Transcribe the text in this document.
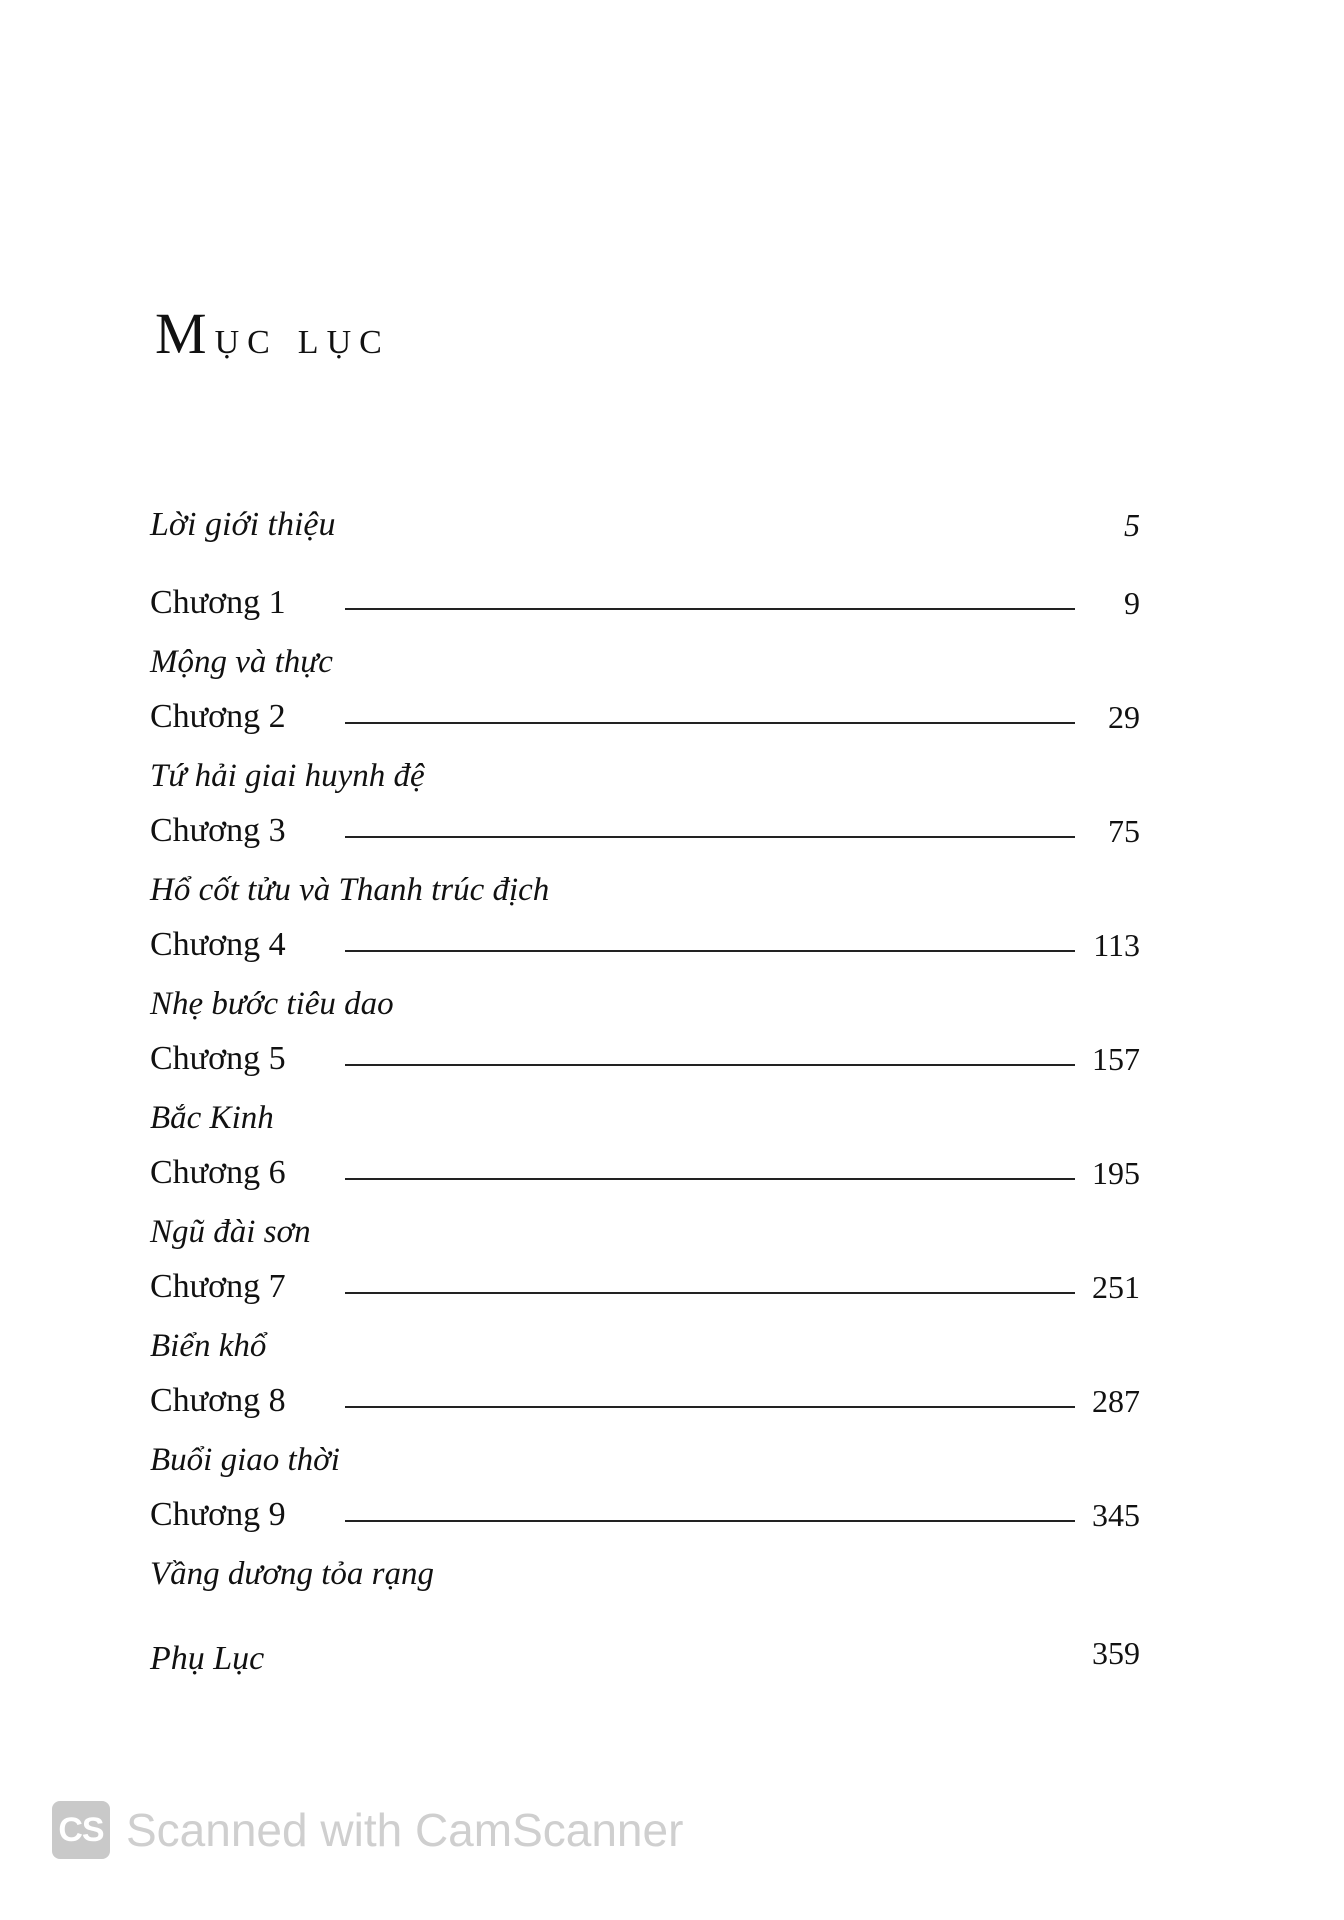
Mục lục
Lời giới thiệu	5
Chương 1	9
Mộng và thực
Chương 2	29
Tứ hải giai huynh đệ
Chương 3	75
Hổ cốt tửu và Thanh trúc địch
Chương 4	113
Nhẹ bước tiêu dao
Chương 5	157
Bắc Kinh
Chương 6	195
Ngũ đài sơn
Chương 7	251
Biển khổ
Chương 8	287
Buổi giao thời
Chương 9	345
Vầng dương tỏa rạng
Phụ Lục	359
CS Scanned with CamScanner
